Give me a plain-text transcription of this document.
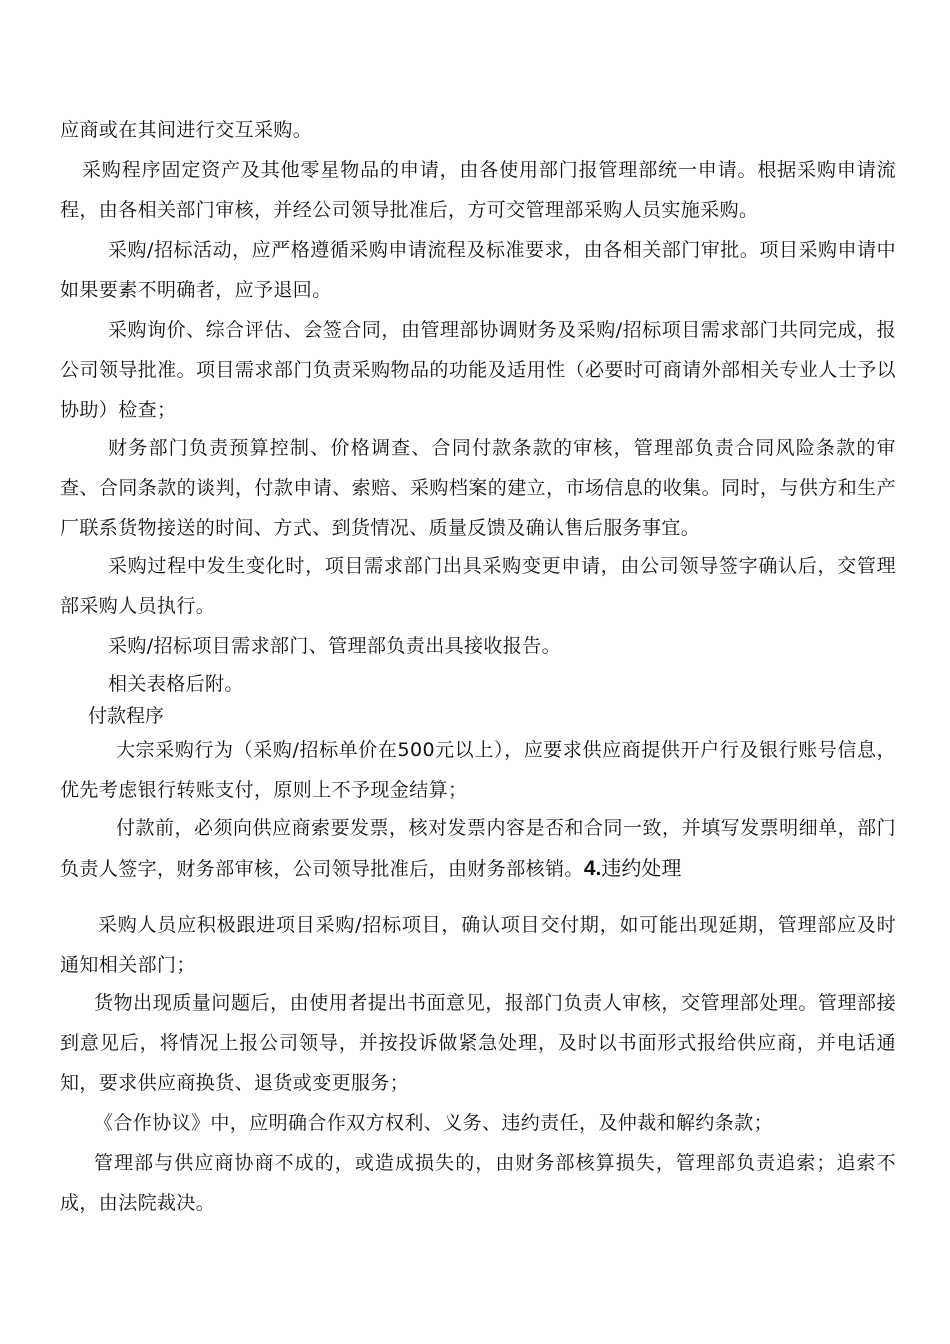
应商或在其间进行交互采购。

采购程序固定资产及其他零星物品的申请，由各使用部门报管理部统一申请。根据采购申请流程，由各相关部门审核，并经公司领导批准后，方可交管理部采购人员实施采购。

采购/招标活动，应严格遵循采购申请流程及标准要求，由各相关部门审批。项目采购申请中如果要素不明确者，应予退回。

采购询价、综合评估、会签合同，由管理部协调财务及采购/招标项目需求部门共同完成，报公司领导批准。项目需求部门负责采购物品的功能及适用性（必要时可商请外部相关专业人士予以协助）检查；

财务部门负责预算控制、价格调查、合同付款条款的审核，管理部负责合同风险条款的审查、合同条款的谈判，付款申请、索赔、采购档案的建立，市场信息的收集。同时，与供方和生产厂联系货物接送的时间、方式、到货情况、质量反馈及确认售后服务事宜。

采购过程中发生变化时，项目需求部门出具采购变更申请，由公司领导签字确认后，交管理部采购人员执行。

采购/招标项目需求部门、管理部负责出具接收报告。

相关表格后附。

付款程序

大宗采购行为（采购/招标单价在500元以上），应要求供应商提供开户行及银行账号信息，优先考虑银行转账支付，原则上不予现金结算；

付款前，必须向供应商索要发票，核对发票内容是否和合同一致，并填写发票明细单，部门负责人签字，财务部审核，公司领导批准后，由财务部核销。4.违约处理

采购人员应积极跟进项目采购/招标项目，确认项目交付期，如可能出现延期，管理部应及时通知相关部门；

货物出现质量问题后，由使用者提出书面意见，报部门负责人审核，交管理部处理。管理部接到意见后，将情况上报公司领导，并按投诉做紧急处理，及时以书面形式报给供应商，并电话通知，要求供应商换货、退货或变更服务；

《合作协议》中，应明确合作双方权利、义务、违约责任，及仲裁和解约条款；

管理部与供应商协商不成的，或造成损失的，由财务部核算损失，管理部负责追索；追索不成，由法院裁决。
